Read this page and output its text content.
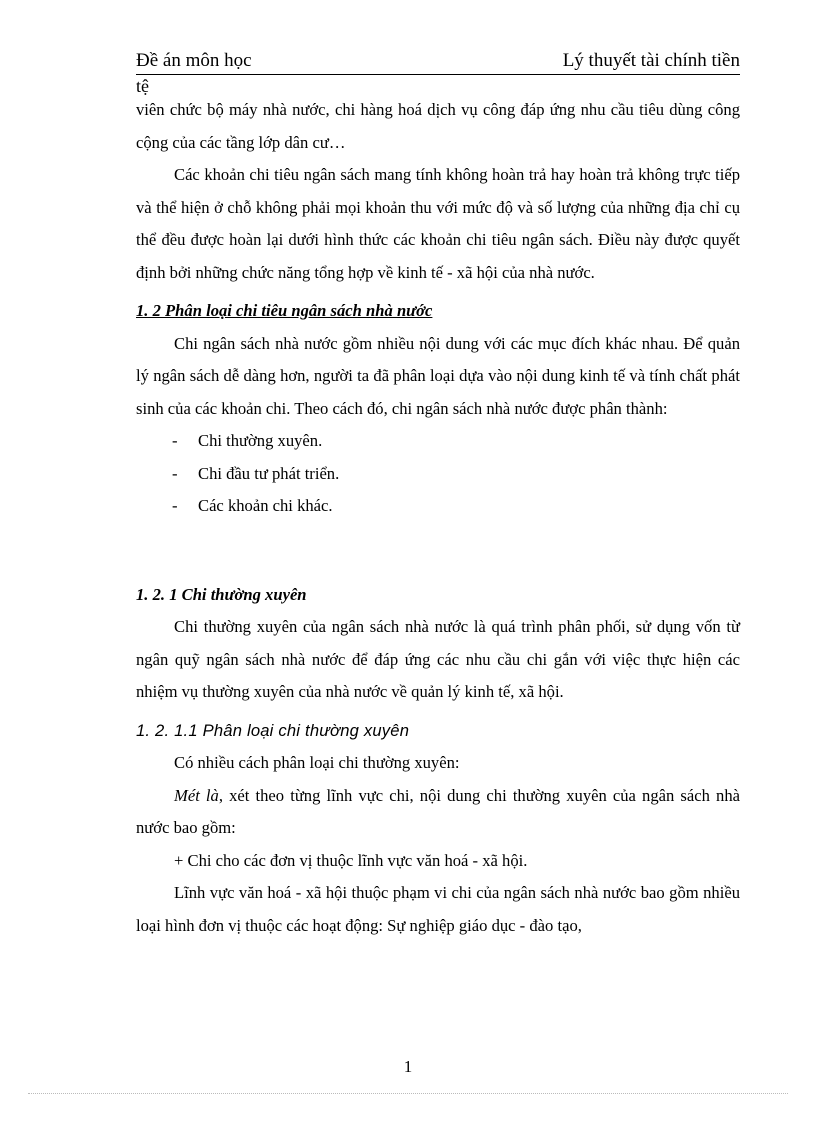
Đề án môn học	Lý thuyết tài chính tiền
tệ

viên chức bộ máy nhà nước, chi hàng hoá dịch vụ công đáp ứng nhu cầu tiêu dùng công cộng của các tầng lớp dân cư…

Các khoản chi tiêu ngân sách mang tính không hoàn trả hay hoàn trả không trực tiếp và thể hiện ở chỗ không phải mọi khoản thu với mức độ và số lượng của những địa chỉ cụ thể đều được hoàn lại dưới hình thức các khoản chi tiêu ngân sách. Điều này được quyết định bởi những chức năng tổng hợp về kinh tế - xã hội của nhà nước.

1. 2 Phân loại chi tiêu ngân sách nhà nước

Chi ngân sách nhà nước gồm nhiều nội dung với các mục đích khác nhau. Để quản lý ngân sách dễ dàng hơn, người ta đã phân loại dựa vào nội dung kinh tế và tính chất phát sinh của các khoản chi. Theo cách đó, chi ngân sách nhà nước được phân thành:

-	Chi thường xuyên.
-	Chi đầu tư phát triển.
-	Các khoản chi khác.

1. 2. 1 Chi thường xuyên

Chi thường xuyên của ngân sách nhà nước là quá trình phân phối, sử dụng vốn từ ngân quỹ ngân sách nhà nước để đáp ứng các nhu cầu chi gắn với việc thực hiện các nhiệm vụ thường xuyên của nhà nước về quản lý kinh tế, xã hội.

1. 2. 1.1 Phân loại chi thường xuyên

Có nhiều cách phân loại chi thường xuyên:

Mét là, xét theo từng lĩnh vực chi, nội dung chi thường xuyên của ngân sách nhà nước bao gồm:

+ Chi cho các đơn vị thuộc lĩnh vực văn hoá - xã hội.

Lĩnh vực văn hoá - xã hội thuộc phạm vi chi của ngân sách nhà nước bao gồm nhiều loại hình đơn vị thuộc các hoạt động: Sự nghiệp giáo dục - đào tạo,

1
